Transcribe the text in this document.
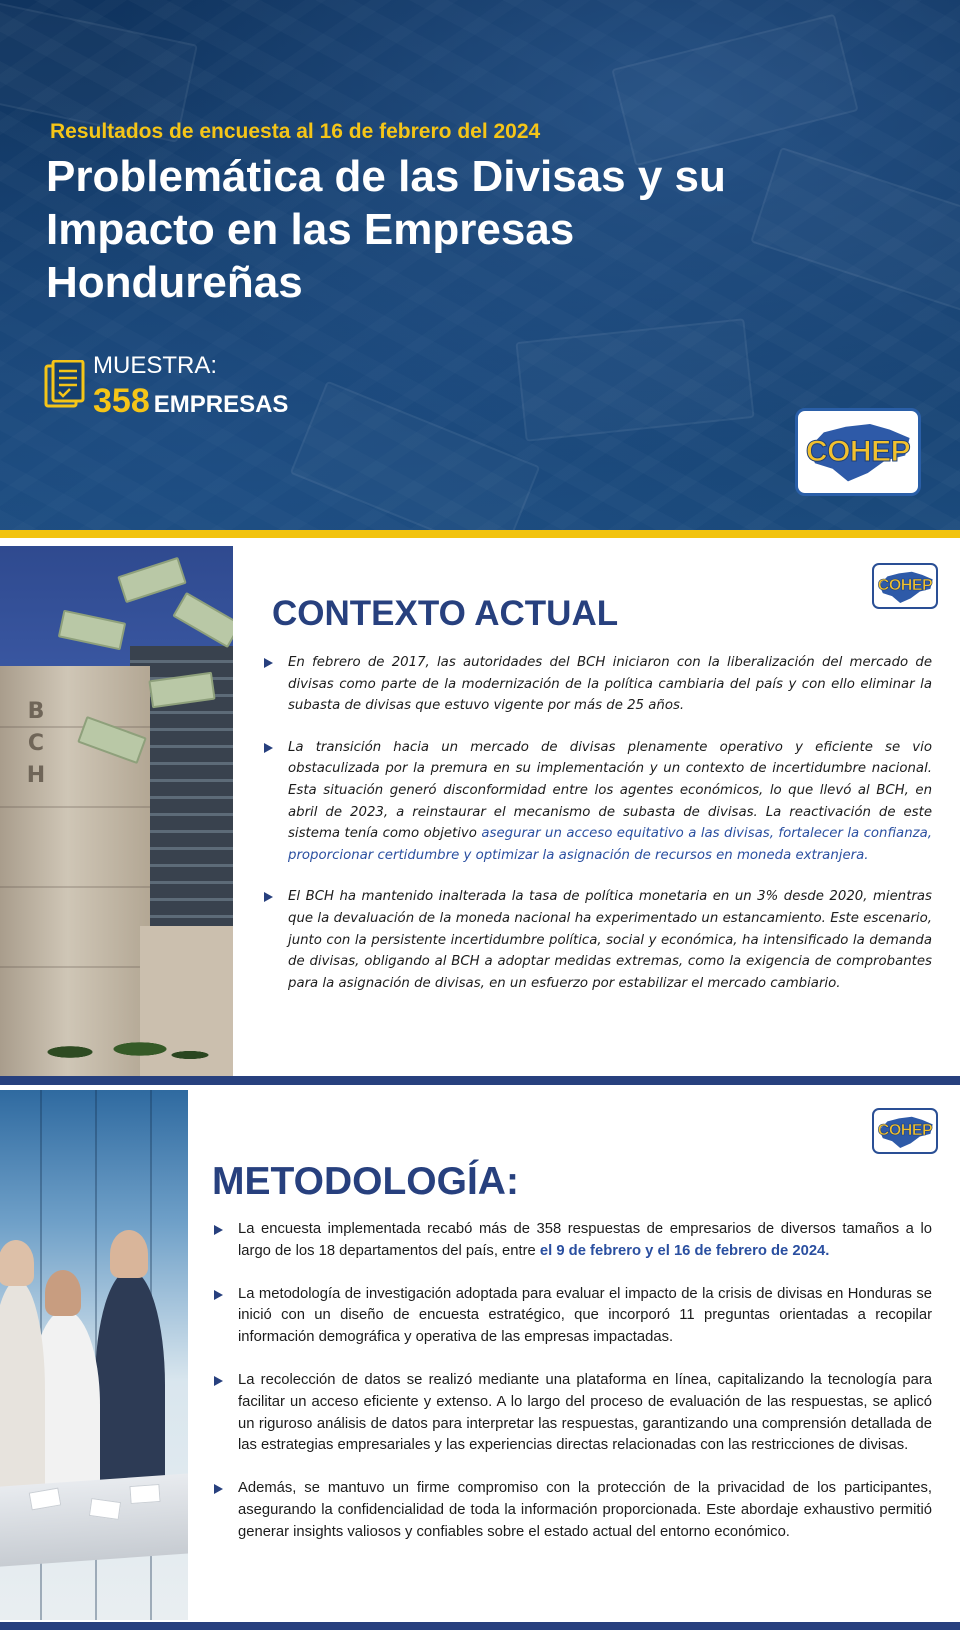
Resultados de encuesta al 16 de febrero del 2024
Problemática de las Divisas y su Impacto en las Empresas Hondureñas
MUESTRA:
358 EMPRESAS
COHEP
B
C
H
COHEP
CONTEXTO ACTUAL
En febrero de 2017, las autoridades del BCH iniciaron con la liberalización del mercado de divisas como parte de la modernización de la política cambiaria del país y con ello eliminar la subasta de divisas que estuvo vigente por más de 25 años.
La transición hacia un mercado de divisas plenamente operativo y eficiente se vio obstaculizada por la premura en su implementación y un contexto de incertidumbre nacional. Esta situación generó disconformidad entre los agentes económicos, lo que llevó al BCH, en abril de 2023, a reinstaurar el mecanismo de subasta de divisas. La reactivación de este sistema tenía como objetivo asegurar un acceso equitativo a las divisas, fortalecer la confianza, proporcionar certidumbre y optimizar la asignación de recursos en moneda extranjera.
El BCH ha mantenido inalterada la tasa de política monetaria en un 3% desde 2020, mientras que la devaluación de la moneda nacional ha experimentado un estancamiento. Este escenario, junto con la persistente incertidumbre política, social y económica, ha intensificado la demanda de divisas, obligando al BCH a adoptar medidas extremas, como la exigencia de comprobantes para la asignación de divisas, en un esfuerzo por estabilizar el mercado cambiario.
COHEP
METODOLOGÍA:
La encuesta implementada recabó más de 358 respuestas de empresarios de diversos tamaños a lo largo de los 18 departamentos del país, entre el 9 de febrero y el 16 de febrero de 2024.
La metodología de investigación adoptada para evaluar el impacto de la crisis de divisas en Honduras se inició con un diseño de encuesta estratégico, que incorporó 11 preguntas orientadas a recopilar información demográfica y operativa de las empresas impactadas.
La recolección de datos se realizó mediante una plataforma en línea, capitalizando la tecnología para facilitar un acceso eficiente y extenso. A lo largo del proceso de evaluación de las respuestas, se aplicó un riguroso análisis de datos para interpretar las respuestas, garantizando una comprensión detallada de las estrategias empresariales y las experiencias directas relacionadas con las restricciones de divisas.
Además, se mantuvo un firme compromiso con la protección de la privacidad de los participantes, asegurando la confidencialidad de toda la información proporcionada. Este abordaje exhaustivo permitió generar insights valiosos y confiables sobre el estado actual del entorno económico.
